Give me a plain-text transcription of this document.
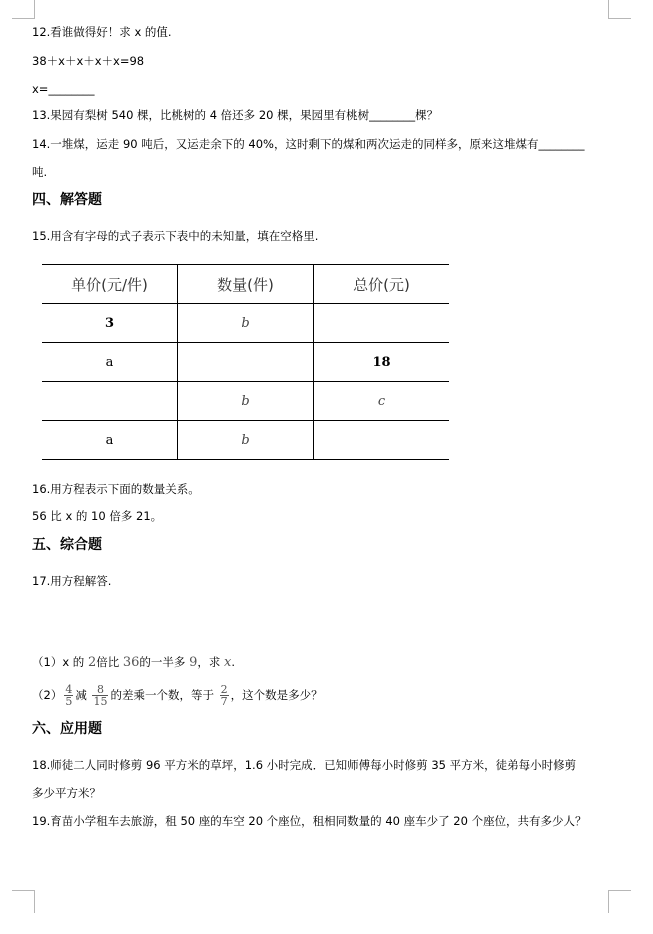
12.看谁做得好！求 x 的值.
38＋x＋x＋x＋x=98
x=________
13.果园有梨树 540 棵，比桃树的 4 倍还多 20 棵，果园里有桃树________棵？
14.一堆煤，运走 90 吨后，又运走余下的 40%，这时剩下的煤和两次运走的同样多，原来这堆煤有________
吨.
四、解答题
15.用含有字母的式子表示下表中的未知量，填在空格里.
单价(元/件)	数量(件)	总价(元)
3	b	
a		18
	b	c
a	b	
16.用方程表示下面的数量关系。
56 比 x 的 10 倍多 21。
五、综合题
17.用方程解答.
（1）x 的 2倍比 36的一半多 9，求 x.
$(2) \frac{4}{5}$ 减 $\frac{8}{15}$ 的差乘一个数，等于 $\frac{2}{7}$ ，这个数是多少？
六、应用题
18.师徒二人同时修剪 96 平方米的草坪，1.6 小时完成．已知师傅每小时修剪 35 平方米，徒弟每小时修剪
多少平方米？
19.育苗小学租车去旅游，租 50 座的车空 20 个座位，租相同数量的 40 座车少了 20 个座位，共有多少人？
